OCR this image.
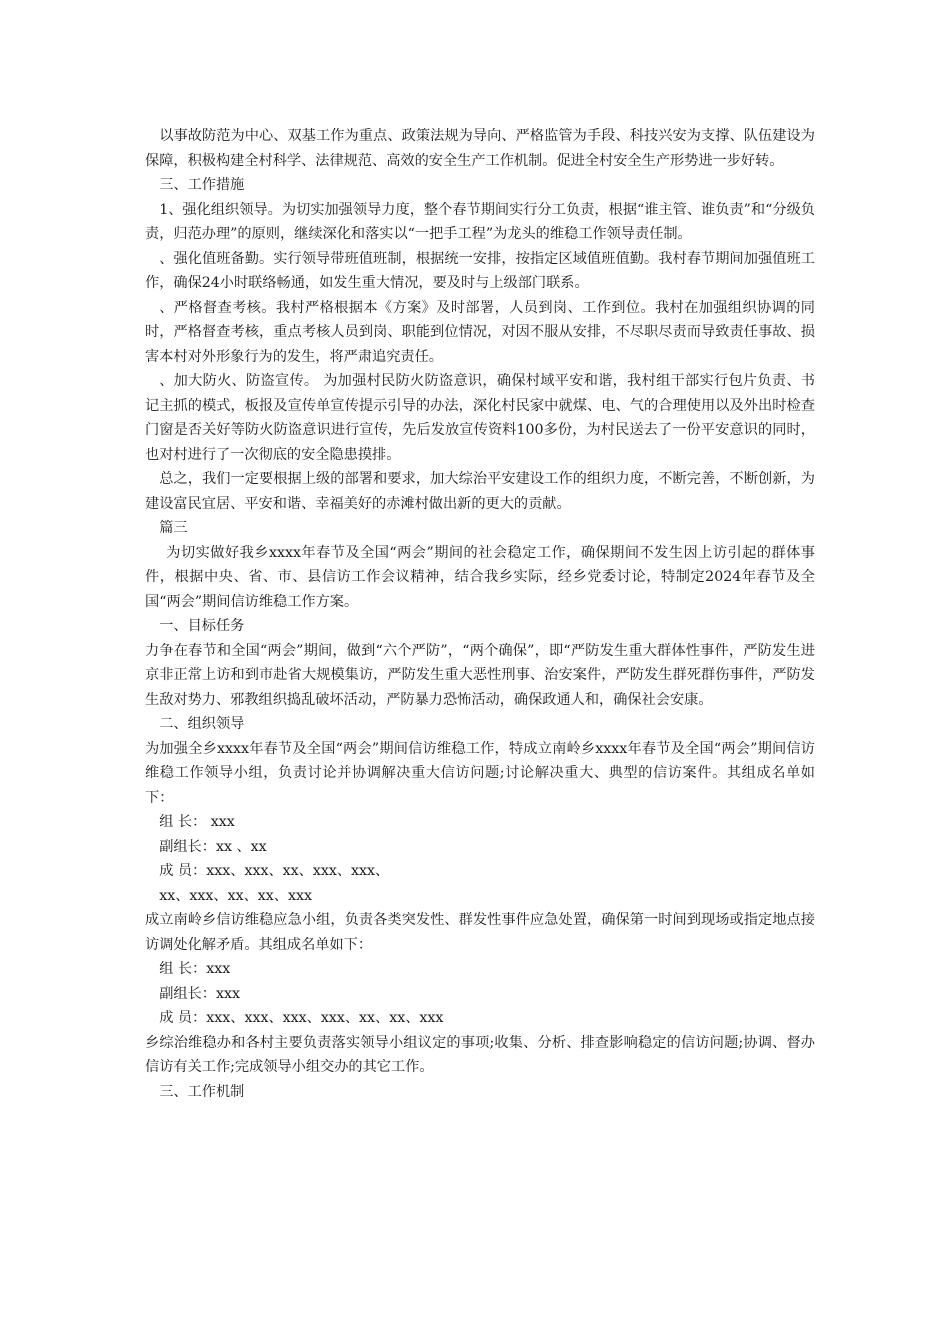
以事故防范为中心、双基工作为重点、政策法规为导向、严格监管为手段、科技兴安为支撑、队伍建设为保障，积极构建全村科学、法律规范、高效的安全生产工作机制。促进全村安全生产形势进一步好转。

三、工作措施

1、强化组织领导。为切实加强领导力度，整个春节期间实行分工负责，根据“谁主管、谁负责”和“分级负责，归范办理”的原则，继续深化和落实以“一把手工程”为龙头的维稳工作领导责任制。

、强化值班备勤。实行领导带班值班制，根据统一安排，按指定区域值班值勤。我村春节期间加强值班工作，确保24小时联络畅通，如发生重大情况，要及时与上级部门联系。

、严格督查考核。我村严格根据本《方案》及时部署，人员到岗、工作到位。我村在加强组织协调的同时，严格督查考核，重点考核人员到岗、职能到位情况，对因不服从安排，不尽职尽责而导致责任事故、损害本村对外形象行为的发生，将严肃追究责任。

、加大防火、防盗宣传。 为加强村民防火防盗意识，确保村域平安和谐，我村组干部实行包片负责、书记主抓的模式，板报及宣传单宣传提示引导的办法，深化村民家中就煤、电、气的合理使用以及外出时检查门窗是否关好等防火防盗意识进行宣传，先后发放宣传资料100多份，为村民送去了一份平安意识的同时，也对村进行了一次彻底的安全隐患摸排。

总之，我们一定要根据上级的部署和要求，加大综治平安建设工作的组织力度，不断完善，不断创新，为建设富民宜居、平安和谐、幸福美好的赤滩村做出新的更大的贡献。

篇三

为切实做好我乡xxxx年春节及全国“两会”期间的社会稳定工作，确保期间不发生因上访引起的群体事件，根据中央、省、市、县信访工作会议精神，结合我乡实际，经乡党委讨论，特制定2024年春节及全国“两会”期间信访维稳工作方案。

一、目标任务

力争在春节和全国“两会”期间，做到“六个严防”，“两个确保”，即“严防发生重大群体性事件，严防发生进京非正常上访和到市赴省大规模集访，严防发生重大恶性刑事、治安案件，严防发生群死群伤事件，严防发生敌对势力、邪教组织捣乱破坏活动，严防暴力恐怖活动，确保政通人和，确保社会安康。

二、组织领导

为加强全乡xxxx年春节及全国“两会”期间信访维稳工作，特成立南岭乡xxxx年春节及全国“两会”期间信访维稳工作领导小组，负责讨论并协调解决重大信访问题;讨论解决重大、典型的信访案件。其组成名单如下：

组 长： xxx

副组长：xx 、xx

成 员：xxx、xxx、xx、xxx、xxx、

xx、xxx、xx、xx、xxx

成立南岭乡信访维稳应急小组，负责各类突发性、群发性事件应急处置，确保第一时间到现场或指定地点接访调处化解矛盾。其组成名单如下：

组 长：xxx

副组长：xxx

成 员：xxx、xxx、xxx、xxx、xx、xx、xxx

乡综治维稳办和各村主要负责落实领导小组议定的事项;收集、分析、排查影响稳定的信访问题;协调、督办信访有关工作;完成领导小组交办的其它工作。

三、工作机制
